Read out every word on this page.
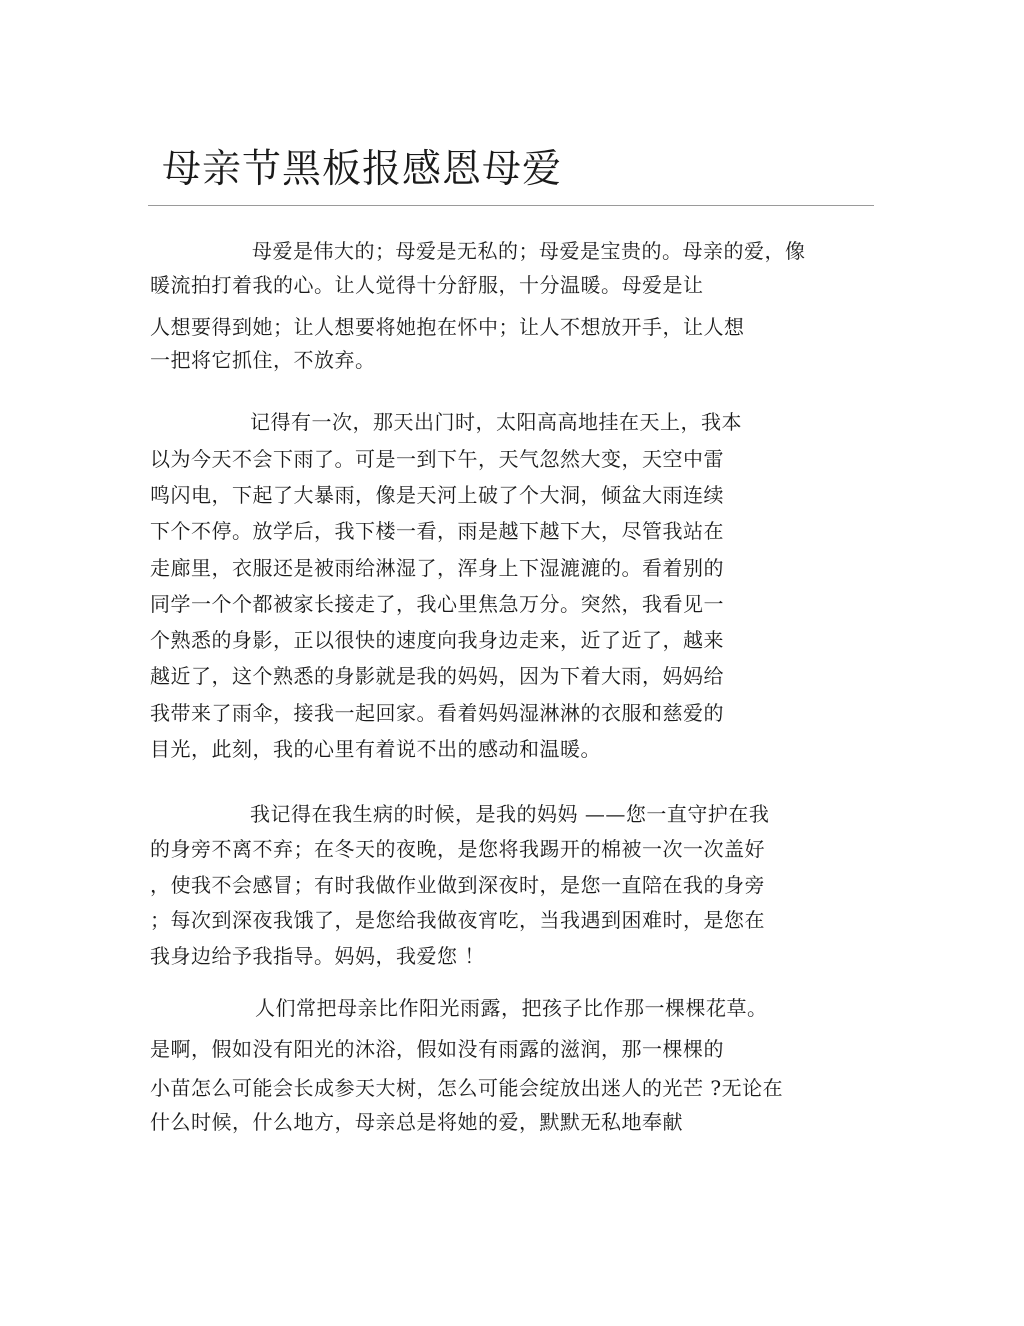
母亲节黑板报感恩母爱
母爱是伟大的；母爱是无私的；母爱是宝贵的。母亲的爱，像
暖流拍打着我的心。让人觉得十分舒服，十分温暖。母爱是让
人想要得到她；让人想要将她抱在怀中；让人不想放开手，让人想
一把将它抓住，不放弃。
记得有一次，那天出门时，太阳高高地挂在天上，我本
以为今天不会下雨了。可是一到下午，天气忽然大变，天空中雷
鸣闪电，下起了大暴雨，像是天河上破了个大洞，倾盆大雨连续
下个不停。放学后，我下楼一看，雨是越下越下大，尽管我站在
走廊里，衣服还是被雨给淋湿了，浑身上下湿漉漉的。看着别的
同学一个个都被家长接走了，我心里焦急万分。突然，我看见一
个熟悉的身影，正以很快的速度向我身边走来，近了近了，越来
越近了，这个熟悉的身影就是我的妈妈，因为下着大雨，妈妈给
我带来了雨伞，接我一起回家。看着妈妈湿淋淋的衣服和慈爱的
目光，此刻，我的心里有着说不出的感动和温暖。
我记得在我生病的时候，是我的妈妈 ——您一直守护在我
的身旁不离不弃；在冬天的夜晚，是您将我踢开的棉被一次一次盖好
，使我不会感冒；有时我做作业做到深夜时，是您一直陪在我的身旁
；每次到深夜我饿了，是您给我做夜宵吃，当我遇到困难时，是您在
我身边给予我指导。妈妈，我爱您 ！
人们常把母亲比作阳光雨露，把孩子比作那一棵棵花草。
是啊，假如没有阳光的沐浴，假如没有雨露的滋润，那一棵棵的
小苗怎么可能会长成参天大树，怎么可能会绽放出迷人的光芒 ?无论在
什么时候，什么地方，母亲总是将她的爱，默默无私地奉献
